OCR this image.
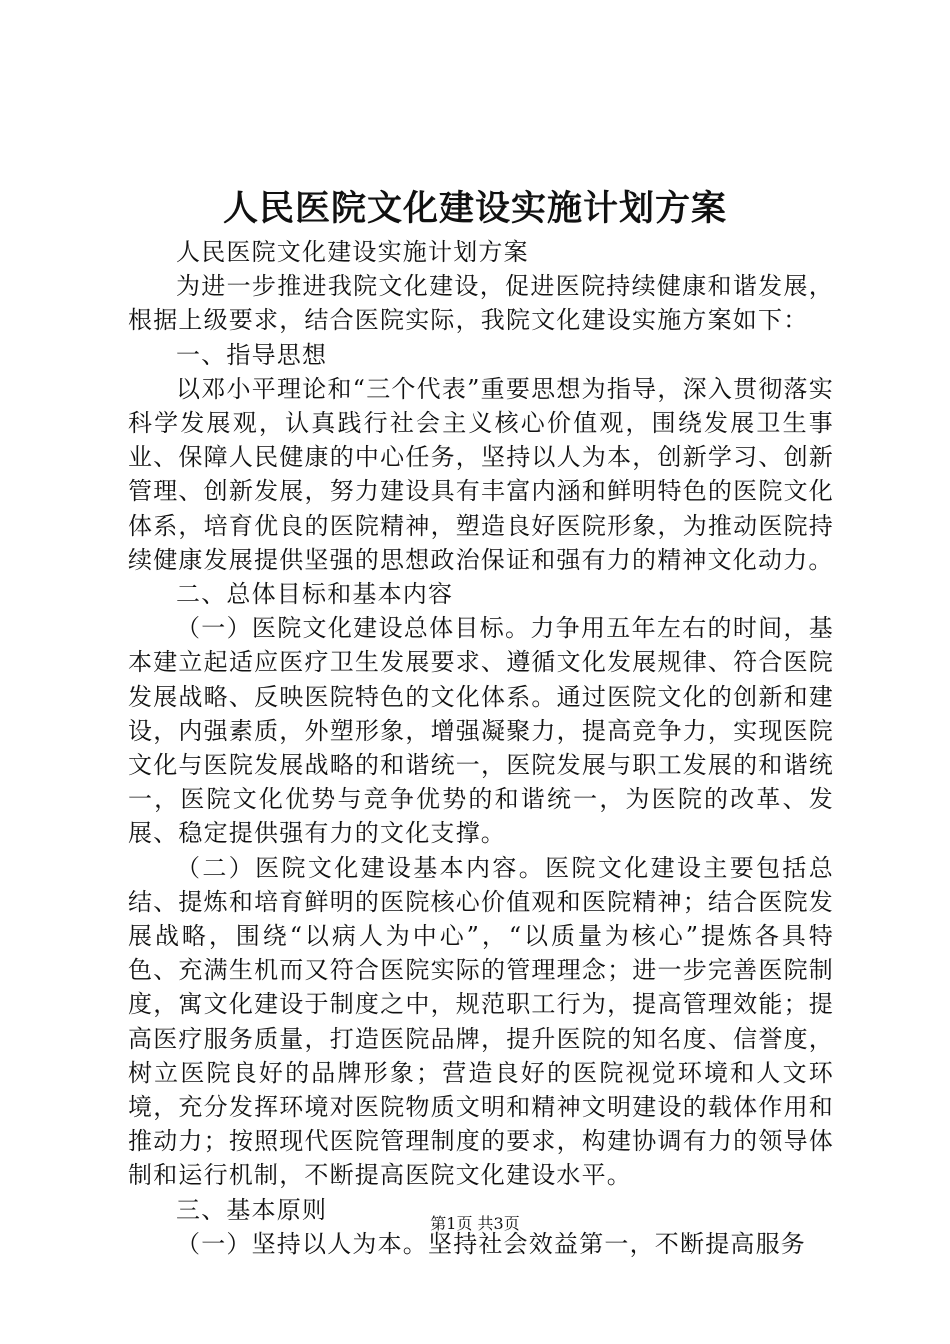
人民医院文化建设实施计划方案

人民医院文化建设实施计划方案

为进一步推进我院文化建设，促进医院持续健康和谐发展，根据上级要求，结合医院实际，我院文化建设实施方案如下：

一、指导思想

以邓小平理论和“三个代表”重要思想为指导，深入贯彻落实科学发展观，认真践行社会主义核心价值观，围绕发展卫生事业、保障人民健康的中心任务，坚持以人为本，创新学习、创新管理、创新发展，努力建设具有丰富内涵和鲜明特色的医院文化体系，培育优良的医院精神，塑造良好医院形象，为推动医院持续健康发展提供坚强的思想政治保证和强有力的精神文化动力。

二、总体目标和基本内容

（一）医院文化建设总体目标。力争用五年左右的时间，基本建立起适应医疗卫生发展要求、遵循文化发展规律、符合医院发展战略、反映医院特色的文化体系。通过医院文化的创新和建设，内强素质，外塑形象，增强凝聚力，提高竞争力，实现医院文化与医院发展战略的和谐统一，医院发展与职工发展的和谐统一，医院文化优势与竞争优势的和谐统一，为医院的改革、发展、稳定提供强有力的文化支撑。

（二）医院文化建设基本内容。医院文化建设主要包括总结、提炼和培育鲜明的医院核心价值观和医院精神；结合医院发展战略，围绕“以病人为中心”，“以质量为核心”提炼各具特色、充满生机而又符合医院实际的管理理念；进一步完善医院制度，寓文化建设于制度之中，规范职工行为，提高管理效能；提高医疗服务质量，打造医院品牌，提升医院的知名度、信誉度，树立医院良好的品牌形象；营造良好的医院视觉环境和人文环境，充分发挥环境对医院物质文明和精神文明建设的载体作用和推动力；按照现代医院管理制度的要求，构建协调有力的领导体制和运行机制，不断提高医院文化建设水平。

三、基本原则

（一）坚持以人为本。坚持社会效益第一，不断提高服务

第1页 共3页
